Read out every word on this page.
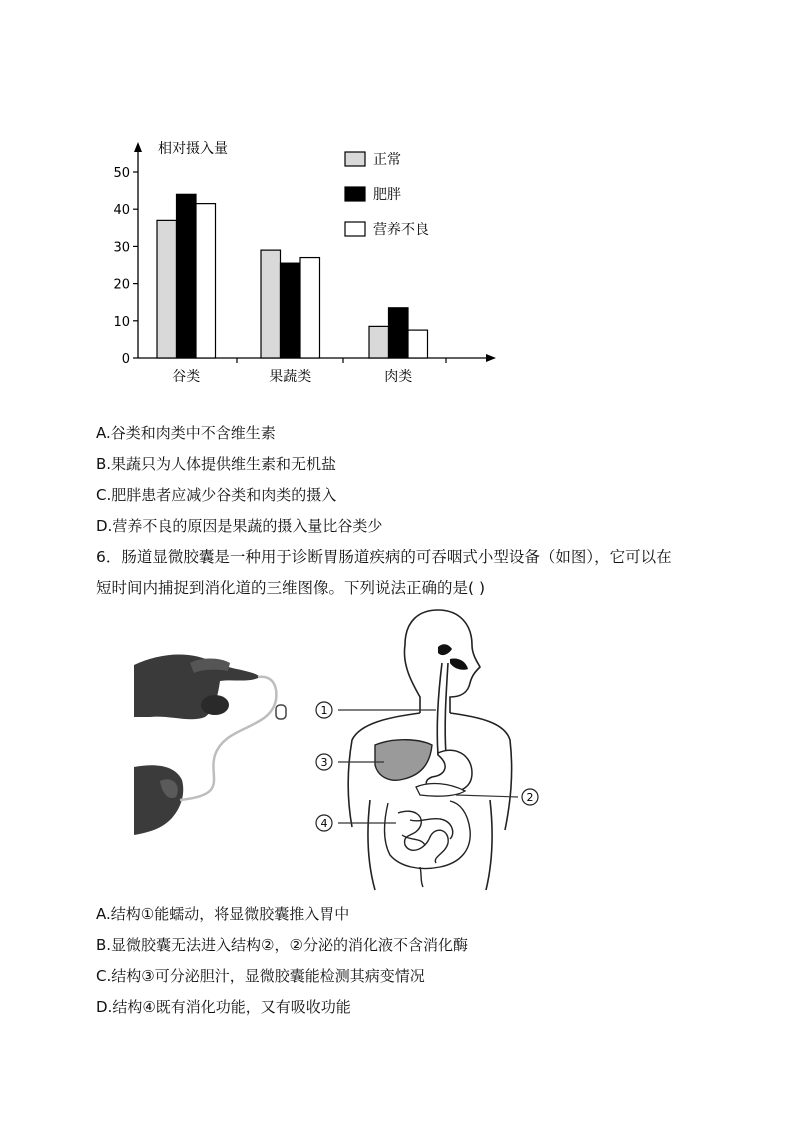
0
10
20
30
40
50
谷类	果蔬类	肉类
正常
肥胖
营养不良
相对摄入量
A.谷类和肉类中不含维生素
B.果蔬只为人体提供维生素和无机盐
C.肥胖患者应减少谷类和肉类的摄入
D.营养不良的原因是果蔬的摄入量比谷类少
6．肠道显微胶囊是一种用于诊断胃肠道疾病的可吞咽式小型设备（如图），它可以在
短时间内捕捉到消化道的三维图像。下列说法正确的是( )
1
3
4
2
A.结构①能蠕动，将显微胶囊推入胃中
B.显微胶囊无法进入结构②，②分泌的消化液不含消化酶
C.结构③可分泌胆汁，显微胶囊能检测其病变情况
D.结构④既有消化功能，又有吸收功能
